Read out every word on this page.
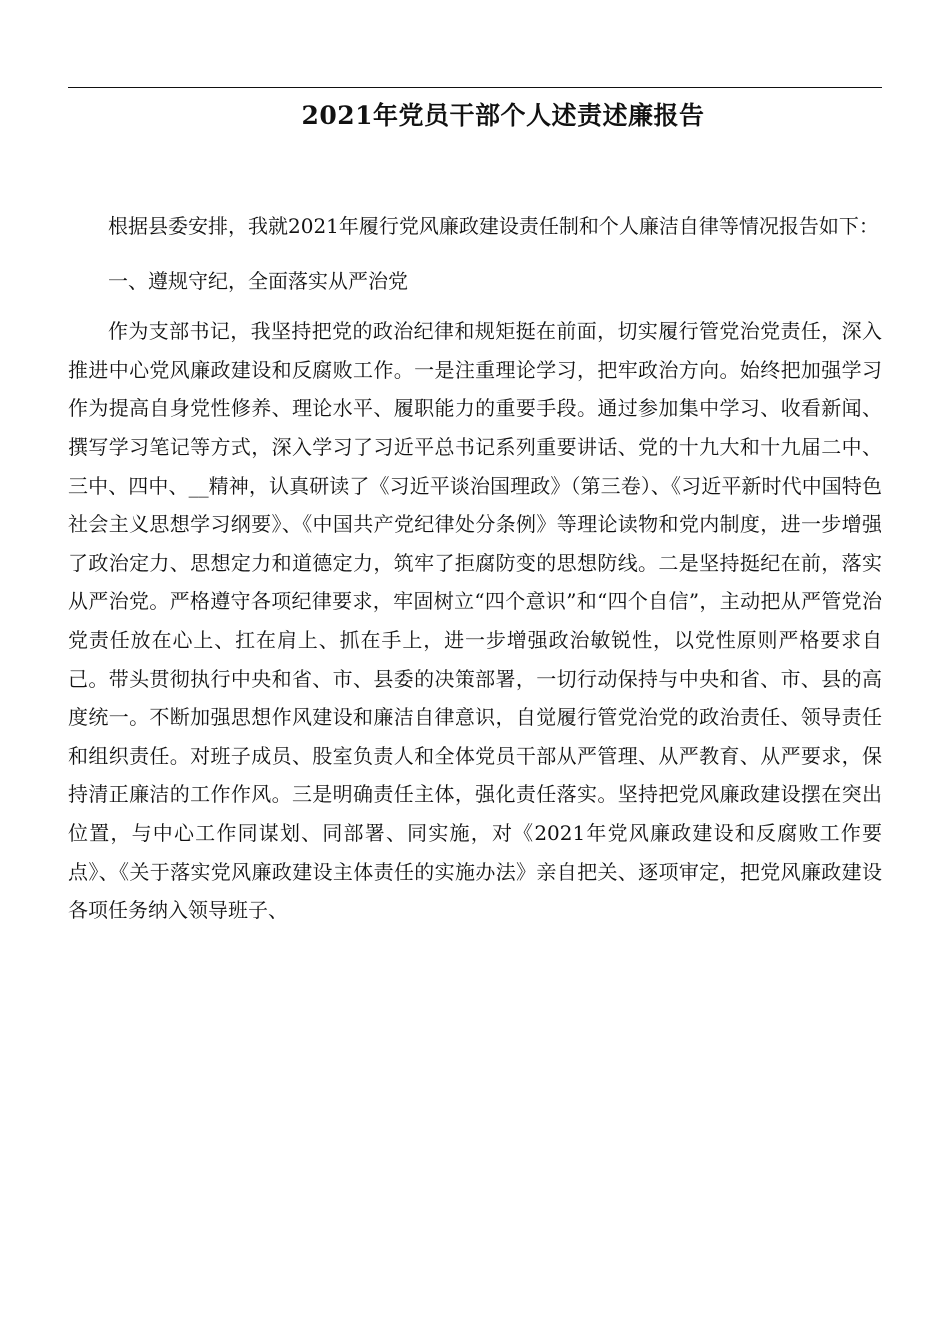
2021年党员干部个人述责述廉报告

根据县委安排，我就2021年履行党风廉政建设责任制和个人廉洁自律等情况报告如下：

一、遵规守纪，全面落实从严治党

作为支部书记，我坚持把党的政治纪律和规矩挺在前面，切实履行管党治党责任，深入推进中心党风廉政建设和反腐败工作。一是注重理论学习，把牢政治方向。始终把加强学习作为提高自身党性修养、理论水平、履职能力的重要手段。通过参加集中学习、收看新闻、撰写学习笔记等方式，深入学习了习近平总书记系列重要讲话、党的十九大和十九届二中、三中、四中、__精神，认真研读了《习近平谈治国理政》（第三卷）、《习近平新时代中国特色社会主义思想学习纲要》、《中国共产党纪律处分条例》等理论读物和党内制度，进一步增强了政治定力、思想定力和道德定力，筑牢了拒腐防变的思想防线。二是坚持挺纪在前，落实从严治党。严格遵守各项纪律要求，牢固树立“四个意识”和“四个自信”，主动把从严管党治党责任放在心上、扛在肩上、抓在手上，进一步增强政治敏锐性，以党性原则严格要求自己。带头贯彻执行中央和省、市、县委的决策部署，一切行动保持与中央和省、市、县的高度统一。不断加强思想作风建设和廉洁自律意识，自觉履行管党治党的政治责任、领导责任和组织责任。对班子成员、股室负责人和全体党员干部从严管理、从严教育、从严要求，保持清正廉洁的工作作风。三是明确责任主体，强化责任落实。坚持把党风廉政建设摆在突出位置，与中心工作同谋划、同部署、同实施，对《2021年党风廉政建设和反腐败工作要点》、《关于落实党风廉政建设主体责任的实施办法》亲自把关、逐项审定，把党风廉政建设各项任务纳入领导班子、
